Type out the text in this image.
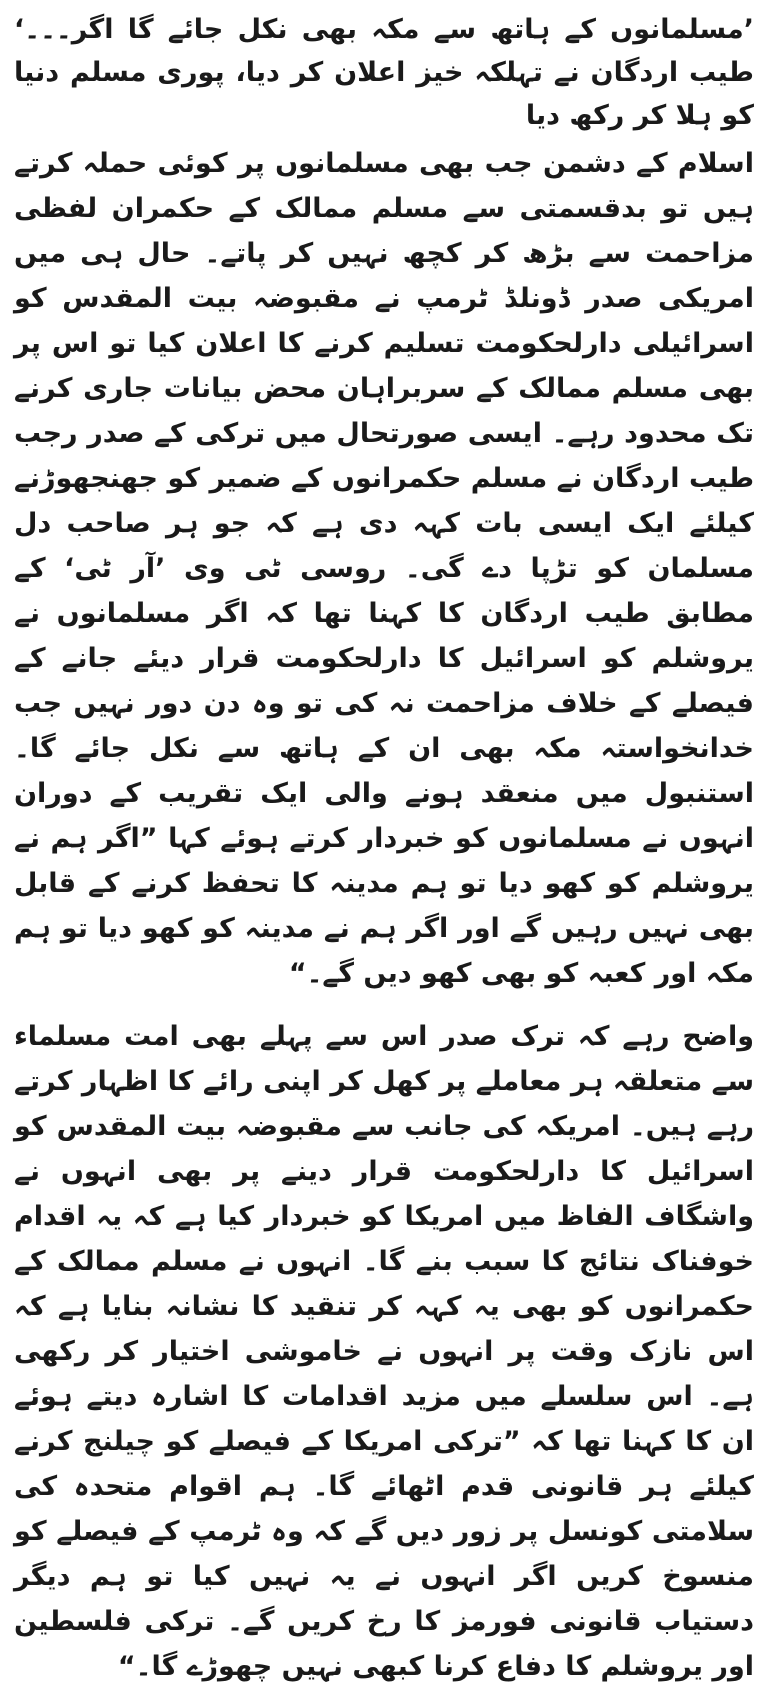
’مسلمانوں کے ہاتھ سے مکہ بھی نکل جائے گا اگر۔۔۔‘ طیب اردگان نے تہلکہ خیز اعلان کر دیا، پوری مسلم دنیا کو ہلا کر رکھ دیا

اسلام کے دشمن جب بھی مسلمانوں پر کوئی حملہ کرتے ہیں تو بدقسمتی سے مسلم ممالک کے حکمران لفظی مزاحمت سے بڑھ کر کچھ نہیں کر پاتے۔ حال ہی میں امریکی صدر ڈونلڈ ٹرمپ نے مقبوضہ بیت المقدس کو اسرائیلی دارلحکومت تسلیم کرنے کا اعلان کیا تو اس پر بھی مسلم ممالک کے سربراہان محض بیانات جاری کرنے تک محدود رہے۔ ایسی صورتحال میں ترکی کے صدر رجب طیب اردگان نے مسلم حکمرانوں کے ضمیر کو جھنجھوڑنے کیلئے ایک ایسی بات کہہ دی ہے کہ جو ہر صاحب دل مسلمان کو تڑپا دے گی۔ روسی ٹی وی ’آر ٹی‘ کے مطابق طیب اردگان کا کہنا تھا کہ اگر مسلمانوں نے یروشلم کو اسرائیل کا دارلحکومت قرار دیئے جانے کے فیصلے کے خلاف مزاحمت نہ کی تو وہ دن دور نہیں جب خدانخواستہ مکہ بھی ان کے ہاتھ سے نکل جائے گا۔ استنبول میں منعقد ہونے والی ایک تقریب کے دوران انہوں نے مسلمانوں کو خبردار کرتے ہوئے کہا ”اگر ہم نے یروشلم کو کھو دیا تو ہم مدینہ کا تحفظ کرنے کے قابل بھی نہیں رہیں گے اور اگر ہم نے مدینہ کو کھو دیا تو ہم مکہ اور کعبہ کو بھی کھو دیں گے۔“

واضح رہے کہ ترک صدر اس سے پہلے بھی امت مسلماء سے متعلقہ ہر معاملے پر کھل کر اپنی رائے کا اظہار کرتے رہے ہیں۔ امریکہ کی جانب سے مقبوضہ بیت المقدس کو اسرائیل کا دارلحکومت قرار دینے پر بھی انہوں نے واشگاف الفاظ میں امریکا کو خبردار کیا ہے کہ یہ اقدام خوفناک نتائج کا سبب بنے گا۔ انہوں نے مسلم ممالک کے حکمرانوں کو بھی یہ کہہ کر تنقید کا نشانہ بنایا ہے کہ اس نازک وقت پر انہوں نے خاموشی اختیار کر رکھی ہے۔ اس سلسلے میں مزید اقدامات کا اشارہ دیتے ہوئے ان کا کہنا تھا کہ ”ترکی امریکا کے فیصلے کو چیلنج کرنے کیلئے ہر قانونی قدم اٹھائے گا۔ ہم اقوام متحدہ کی سلامتی کونسل پر زور دیں گے کہ وہ ٹرمپ کے فیصلے کو منسوخ کریں اگر انہوں نے یہ نہیں کیا تو ہم دیگر دستیاب قانونی فورمز کا رخ کریں گے۔ ترکی فلسطین اور یروشلم کا دفاع کرنا کبھی نہیں چھوڑے گا۔“
